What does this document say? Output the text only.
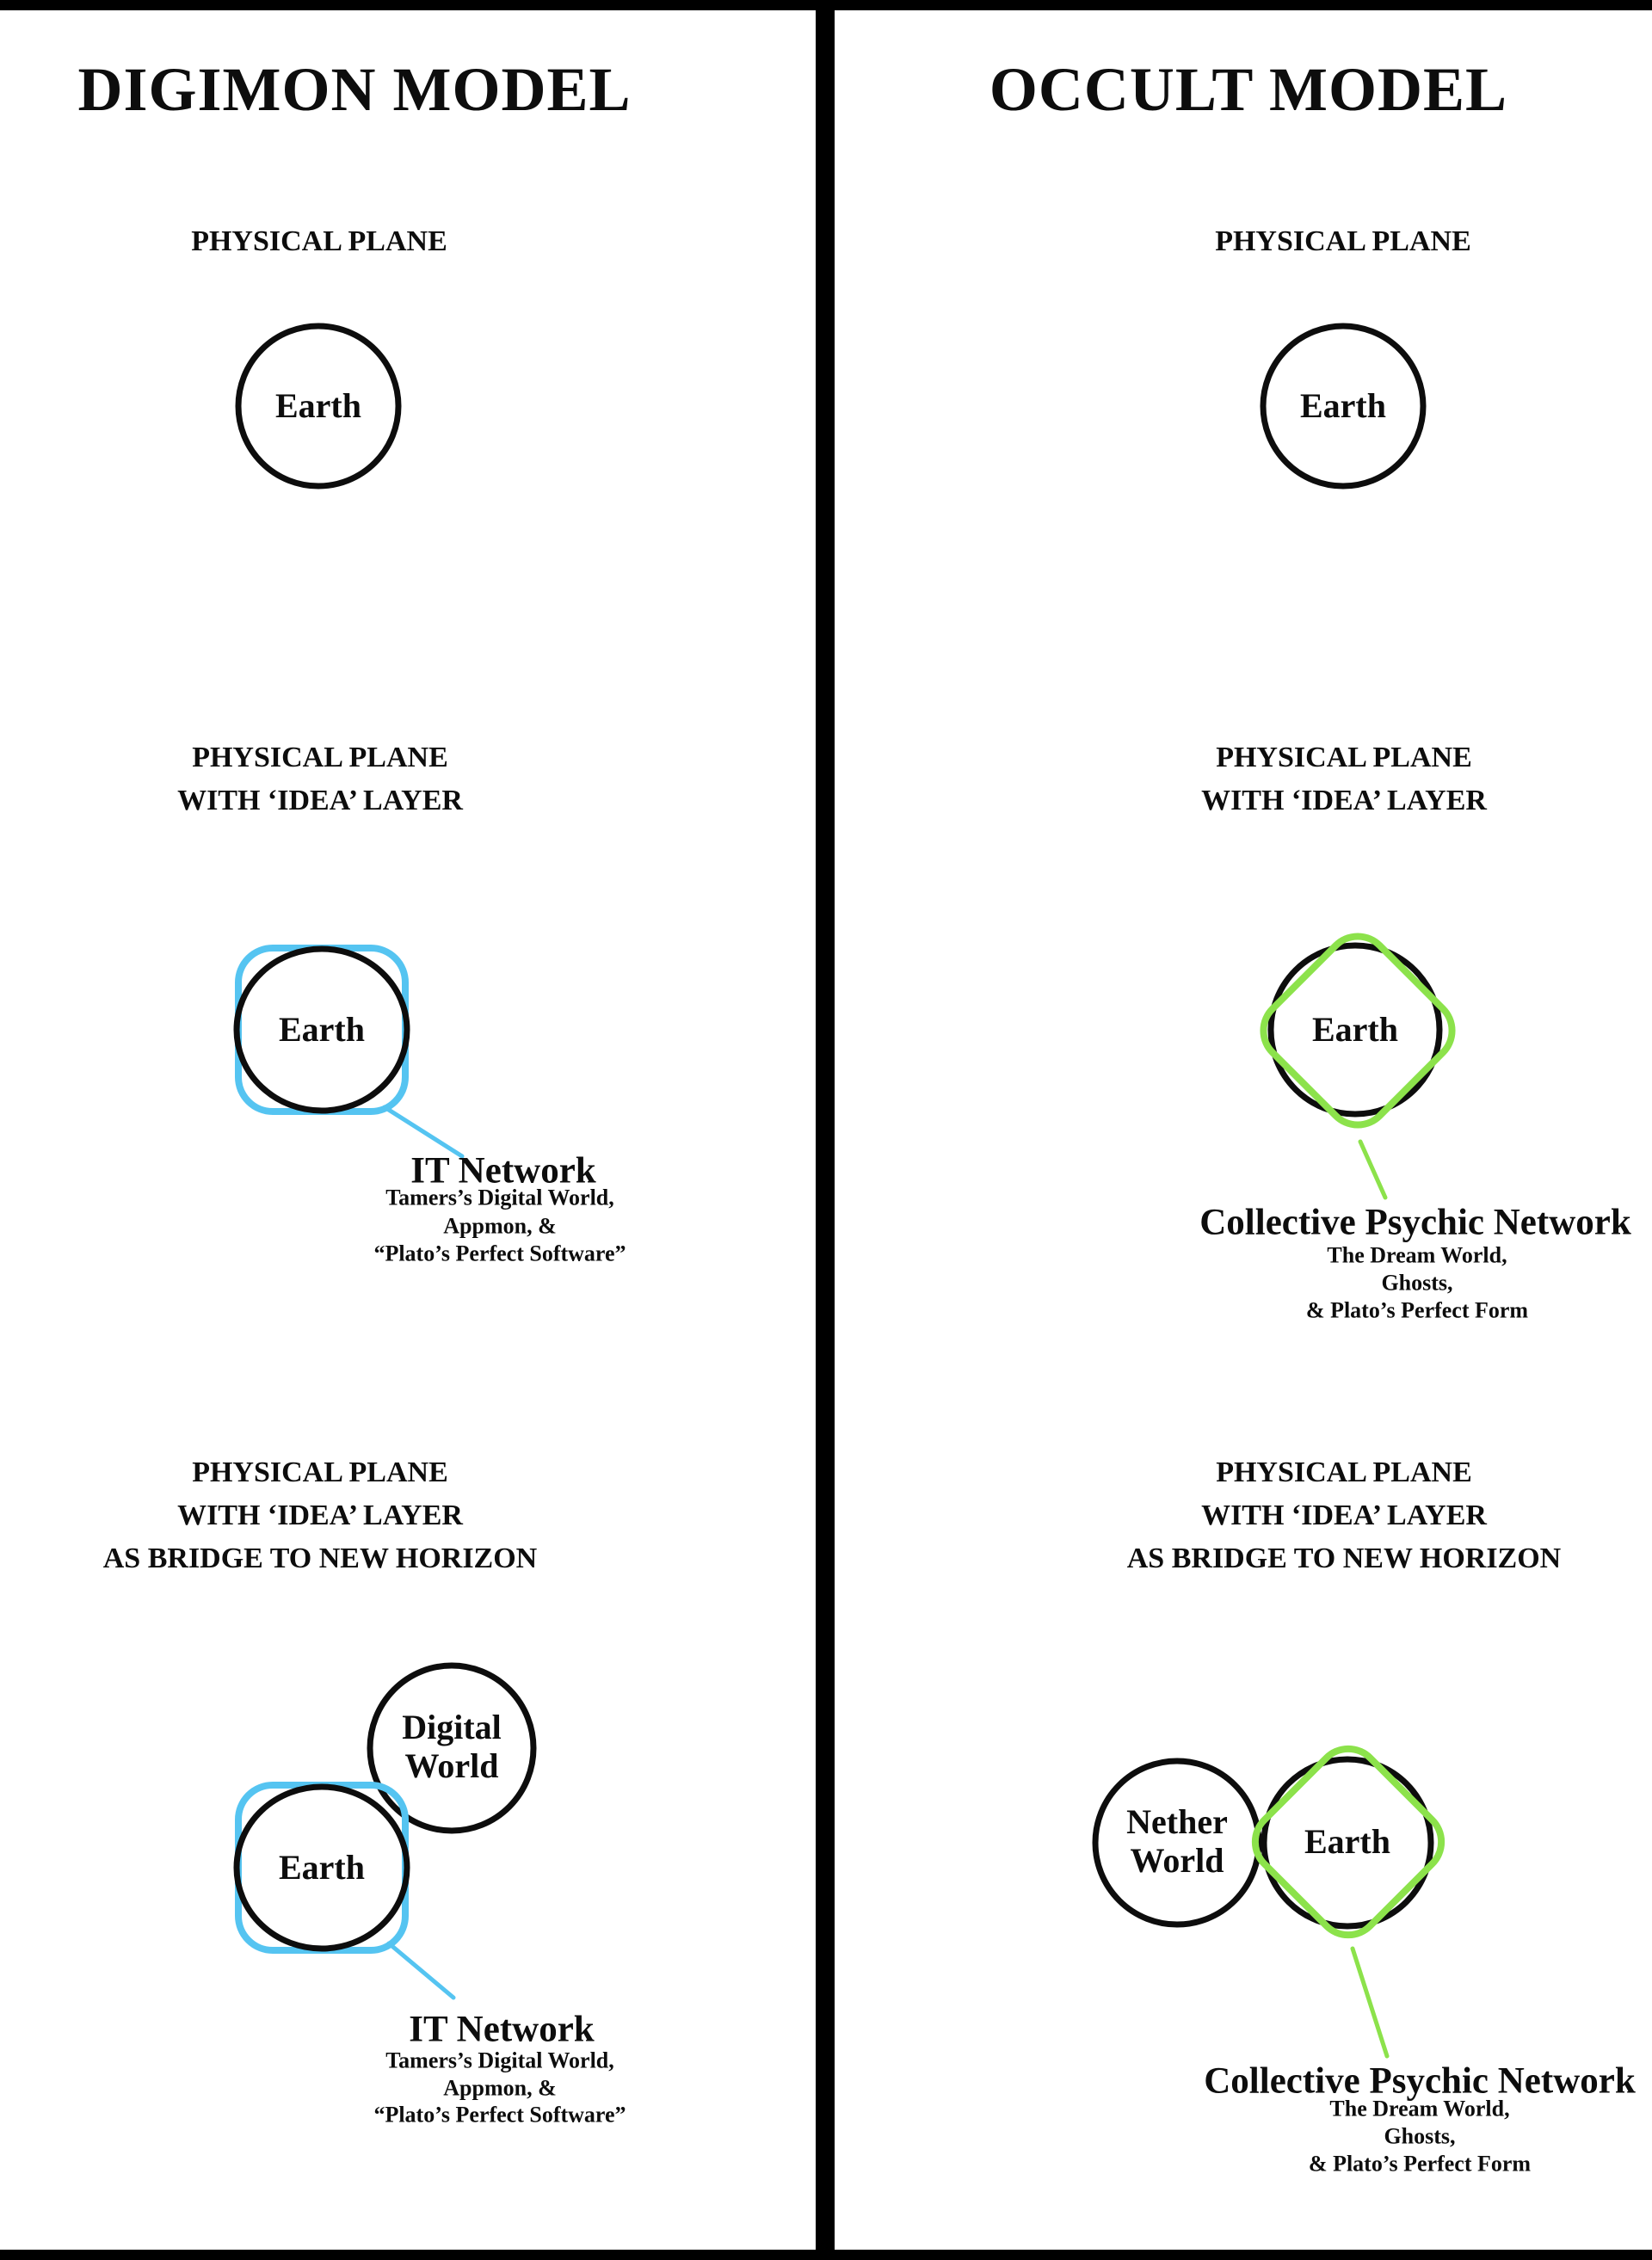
DIGIMON MODEL	OCCULT MODEL
PHYSICAL PLANE	PHYSICAL PLANE
Earth	Earth
PHYSICAL PLANE
WITH ‘IDEA’ LAYER
PHYSICAL PLANE
WITH ‘IDEA’ LAYER
Earth	Earth
IT Network
Tamers’s Digital World,
Appmon, &
“Plato’s Perfect Software”
Collective Psychic Network
The Dream World,
Ghosts,
& Plato’s Perfect Form
PHYSICAL PLANE
WITH ‘IDEA’ LAYER
AS BRIDGE TO NEW HORIZON
PHYSICAL PLANE
WITH ‘IDEA’ LAYER
AS BRIDGE TO NEW HORIZON
Digital World
Earth
Nether World	Earth
IT Network
Tamers’s Digital World,
Appmon, &
“Plato’s Perfect Software”
Collective Psychic Network
The Dream World,
Ghosts,
& Plato’s Perfect Form
